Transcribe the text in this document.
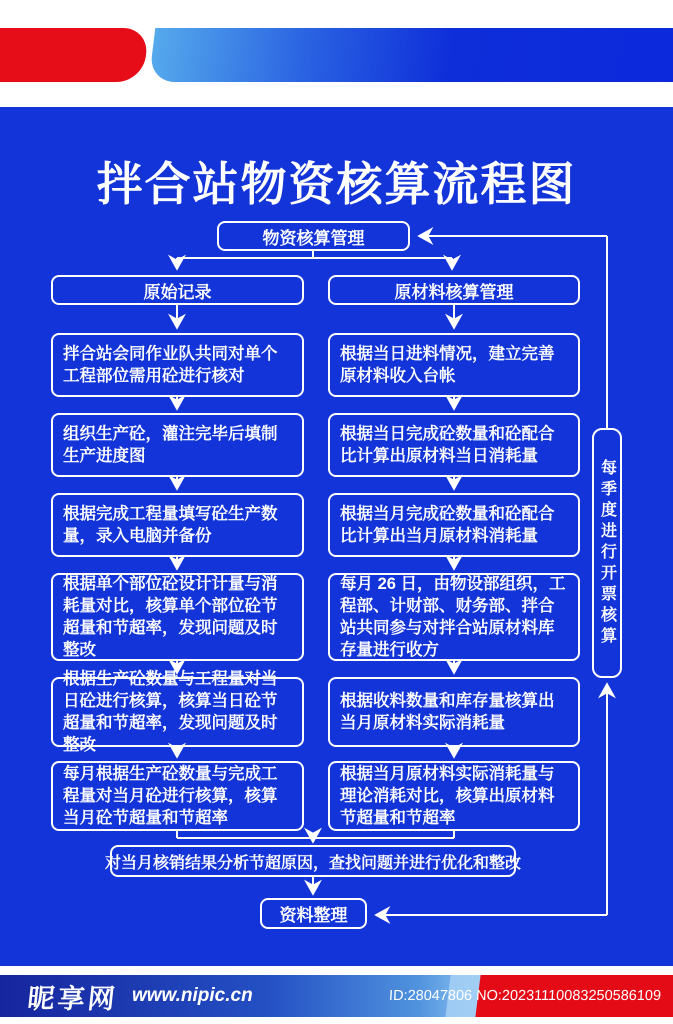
拌合站物资核算流程图
物资核算管理
原始记录	原材料核算管理
拌合站会同作业队共同对单个工程部位需用砼进行核对
根据当日进料情况，建立完善原材料收入台帐
组织生产砼，灌注完毕后填制生产进度图
根据当日完成砼数量和砼配合比计算出原材料当日消耗量
根据完成工程量填写砼生产数量，录入电脑并备份
根据当月完成砼数量和砼配合比计算出当月原材料消耗量
根据单个部位砼设计计量与消耗量对比，核算单个部位砼节超量和节超率，发现问题及时整改
每月 26 日，由物设部组织，工程部、计财部、财务部、拌合站共同参与对拌合站原材料库存量进行收方
根据生产砼数量与工程量对当日砼进行核算，核算当日砼节超量和节超率，发现问题及时整改
根据收料数量和库存量核算出当月原材料实际消耗量
每月根据生产砼数量与完成工程量对当月砼进行核算，核算当月砼节超量和节超率
根据当月原材料实际消耗量与理论消耗对比，核算出原材料节超量和节超率
对当月核销结果分析节超原因，查找问题并进行优化和整改
资料整理
每季度进行开票核算
昵享网 www.nipic.cn	ID:28047806 NO:20231110083250586109
